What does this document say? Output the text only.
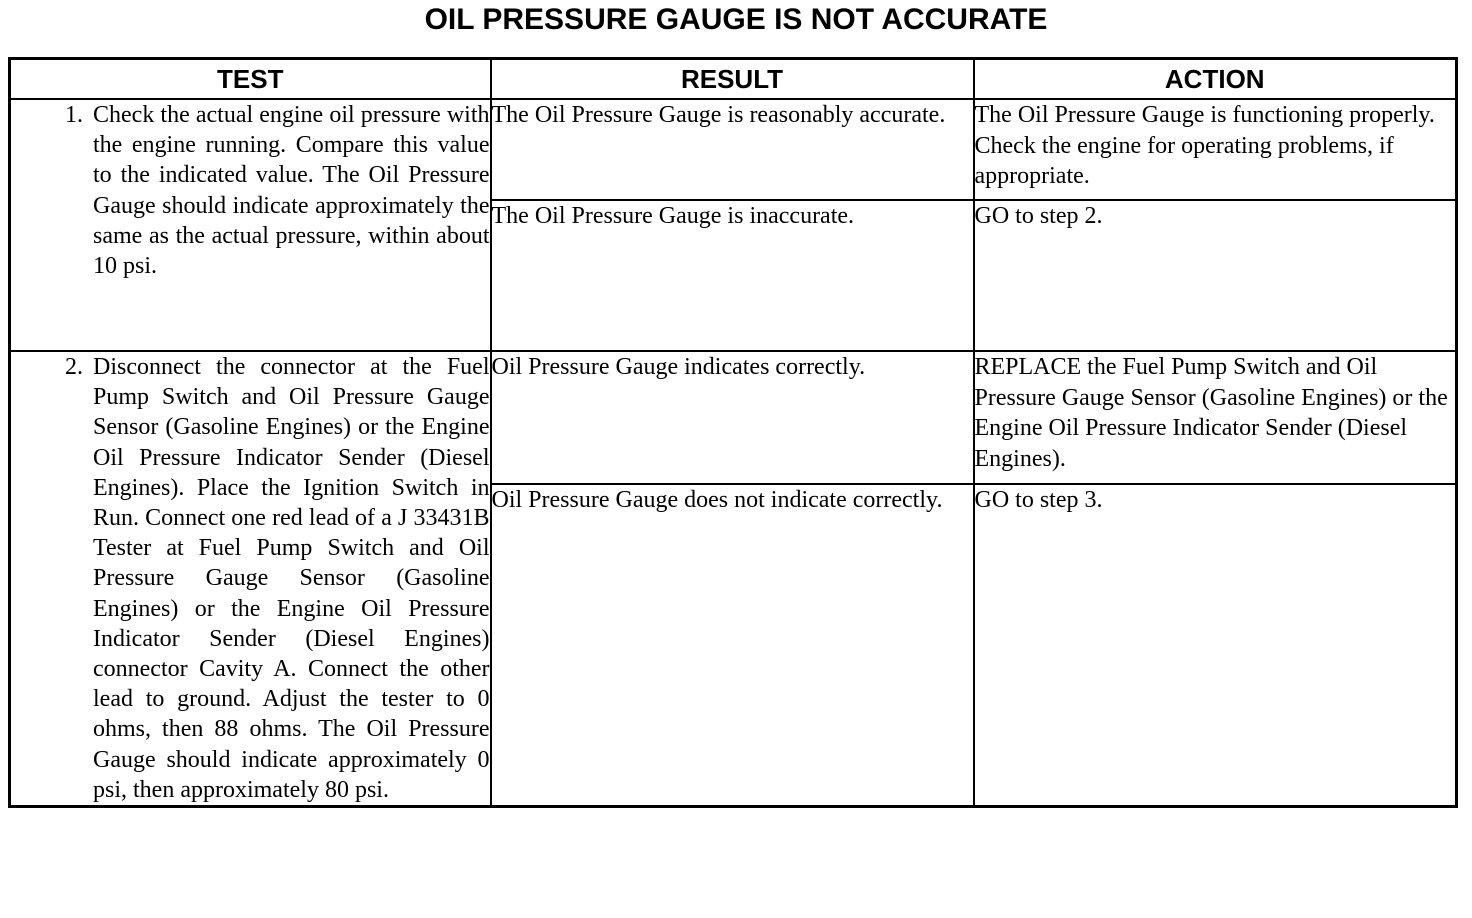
OIL PRESSURE GAUGE IS NOT ACCURATE
TEST	RESULT	ACTION

1. Check the actual engine oil pressure with the engine running. Compare this value to the indicated value. The Oil Pressure Gauge should indicate approximately the same as the actual pressure, within about 10 psi.	The Oil Pressure Gauge is reasonably accurate.	The Oil Pressure Gauge is functioning properly. Check the engine for operating problems, if appropriate.
	The Oil Pressure Gauge is inaccurate.	GO to step 2.

2. Disconnect the connector at the Fuel Pump Switch and Oil Pressure Gauge Sensor (Gasoline Engines) or the Engine Oil Pressure Indicator Sender (Diesel Engines). Place the Ignition Switch in Run. Connect one red lead of a J 33431B Tester at Fuel Pump Switch and Oil Pressure Gauge Sensor (Gasoline Engines) or the Engine Oil Pressure Indicator Sender (Diesel Engines) connector Cavity A. Connect the other lead to ground. Adjust the tester to 0 ohms, then 88 ohms. The Oil Pressure Gauge should indicate approximately 0 psi, then approximately 80 psi.	Oil Pressure Gauge indicates correctly.	REPLACE the Fuel Pump Switch and Oil Pressure Gauge Sensor (Gasoline Engines) or the Engine Oil Pressure Indicator Sender (Diesel Engines).
	Oil Pressure Gauge does not indicate correctly.	GO to step 3.
